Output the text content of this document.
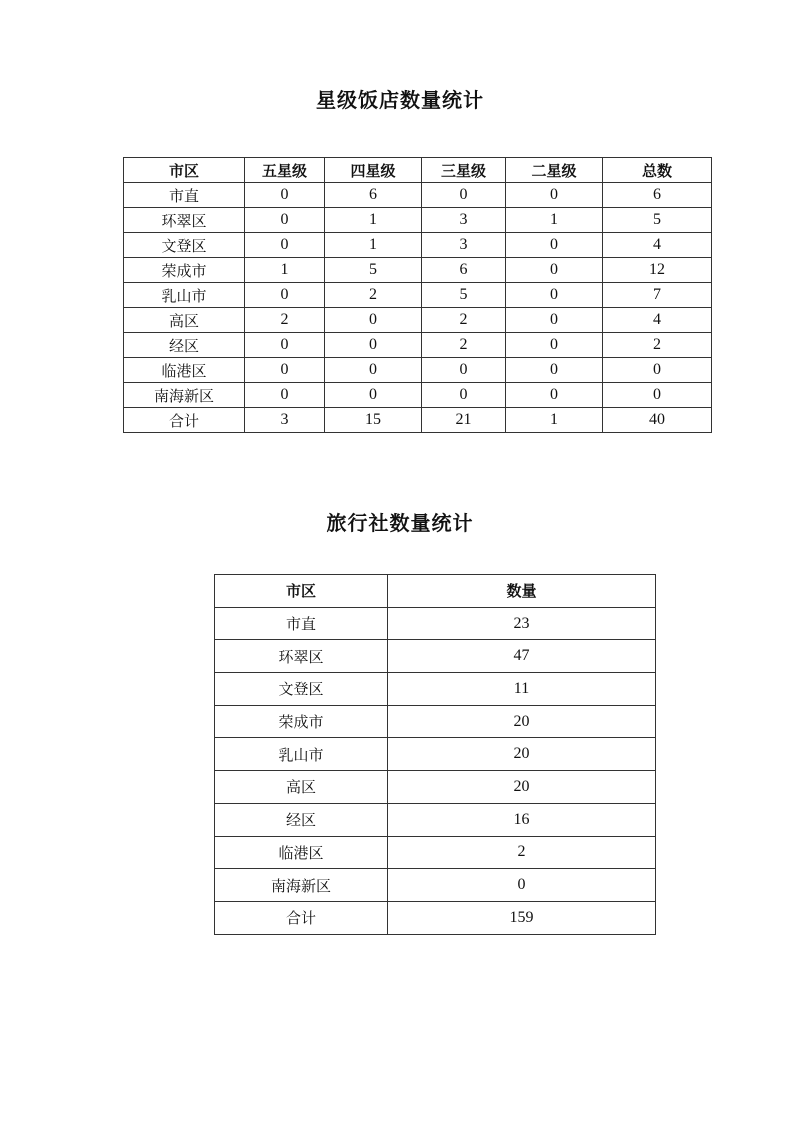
星级饭店数量统计
市区	五星级	四星级	三星级	二星级	总数
市直	0	6	0	0	6
环翠区	0	1	3	1	5
文登区	0	1	3	0	4
荣成市	1	5	6	0	12
乳山市	0	2	5	0	7
高区	2	0	2	0	4
经区	0	0	2	0	2
临港区	0	0	0	0	0
南海新区	0	0	0	0	0
合计	3	15	21	1	40
旅行社数量统计
市区	数量
市直	23
环翠区	47
文登区	11
荣成市	20
乳山市	20
高区	20
经区	16
临港区	2
南海新区	0
合计	159
